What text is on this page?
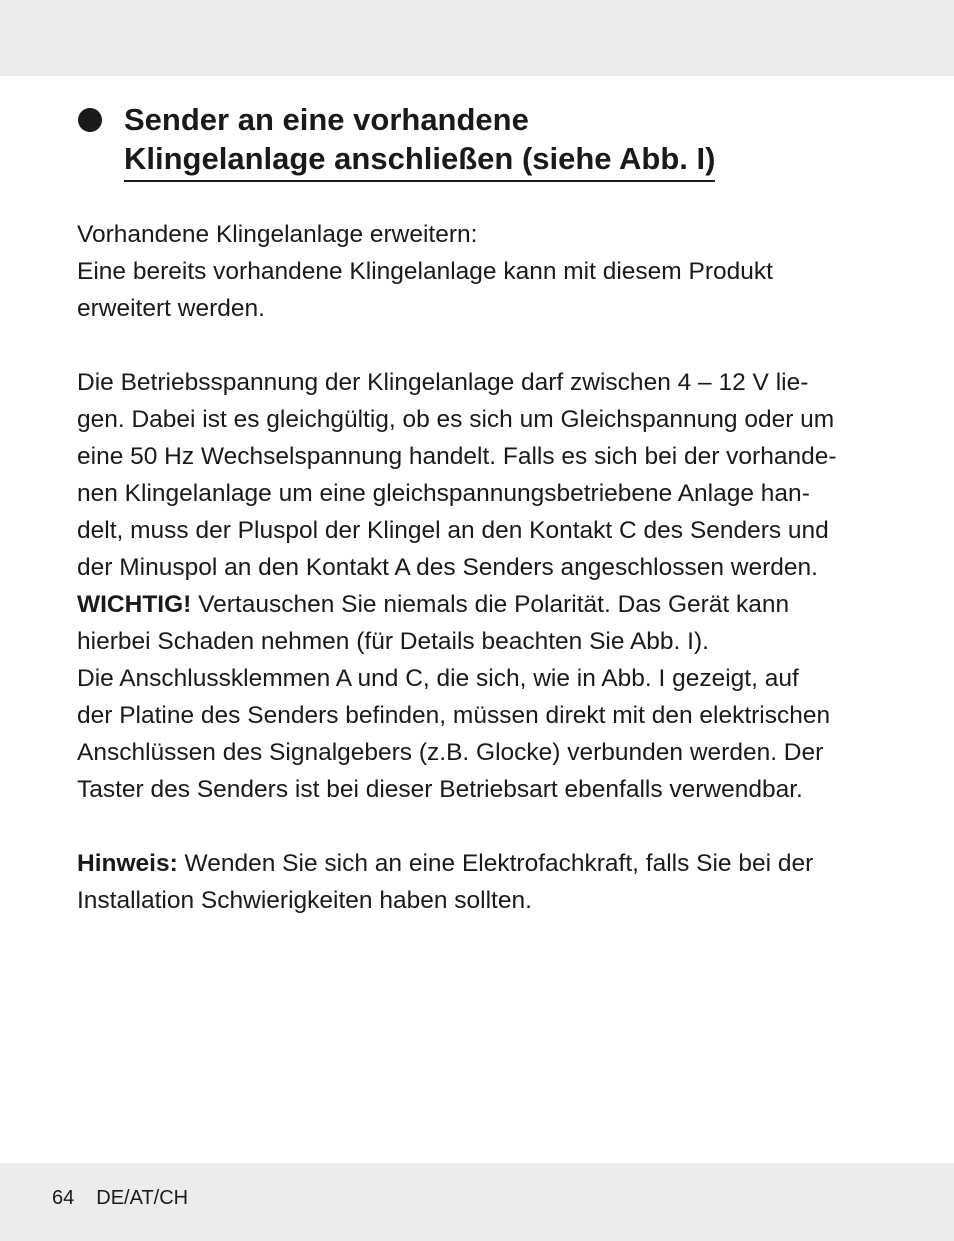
Sender an eine vorhandene
Klingelanlage anschließen (siehe Abb. I)
Vorhandene Klingelanlage erweitern:
Eine bereits vorhandene Klingelanlage kann mit diesem Produkt
erweitert werden.
Die Betriebsspannung der Klingelanlage darf zwischen 4 – 12 V lie-
gen. Dabei ist es gleichgültig, ob es sich um Gleichspannung oder um
eine 50 Hz Wechselspannung handelt. Falls es sich bei der vorhande-
nen Klingelanlage um eine gleichspannungsbetriebene Anlage han-
delt, muss der Pluspol der Klingel an den Kontakt C des Senders und
der Minuspol an den Kontakt A des Senders angeschlossen werden.
WICHTIG! Vertauschen Sie niemals die Polarität. Das Gerät kann
hierbei Schaden nehmen (für Details beachten Sie Abb. I).
Die Anschlussklemmen A und C, die sich, wie in Abb. I gezeigt, auf
der Platine des Senders befinden, müssen direkt mit den elektrischen
Anschlüssen des Signalgebers (z.B. Glocke) verbunden werden. Der
Taster des Senders ist bei dieser Betriebsart ebenfalls verwendbar.
Hinweis: Wenden Sie sich an eine Elektrofachkraft, falls Sie bei der
Installation Schwierigkeiten haben sollten.
64 DE/AT/CH
